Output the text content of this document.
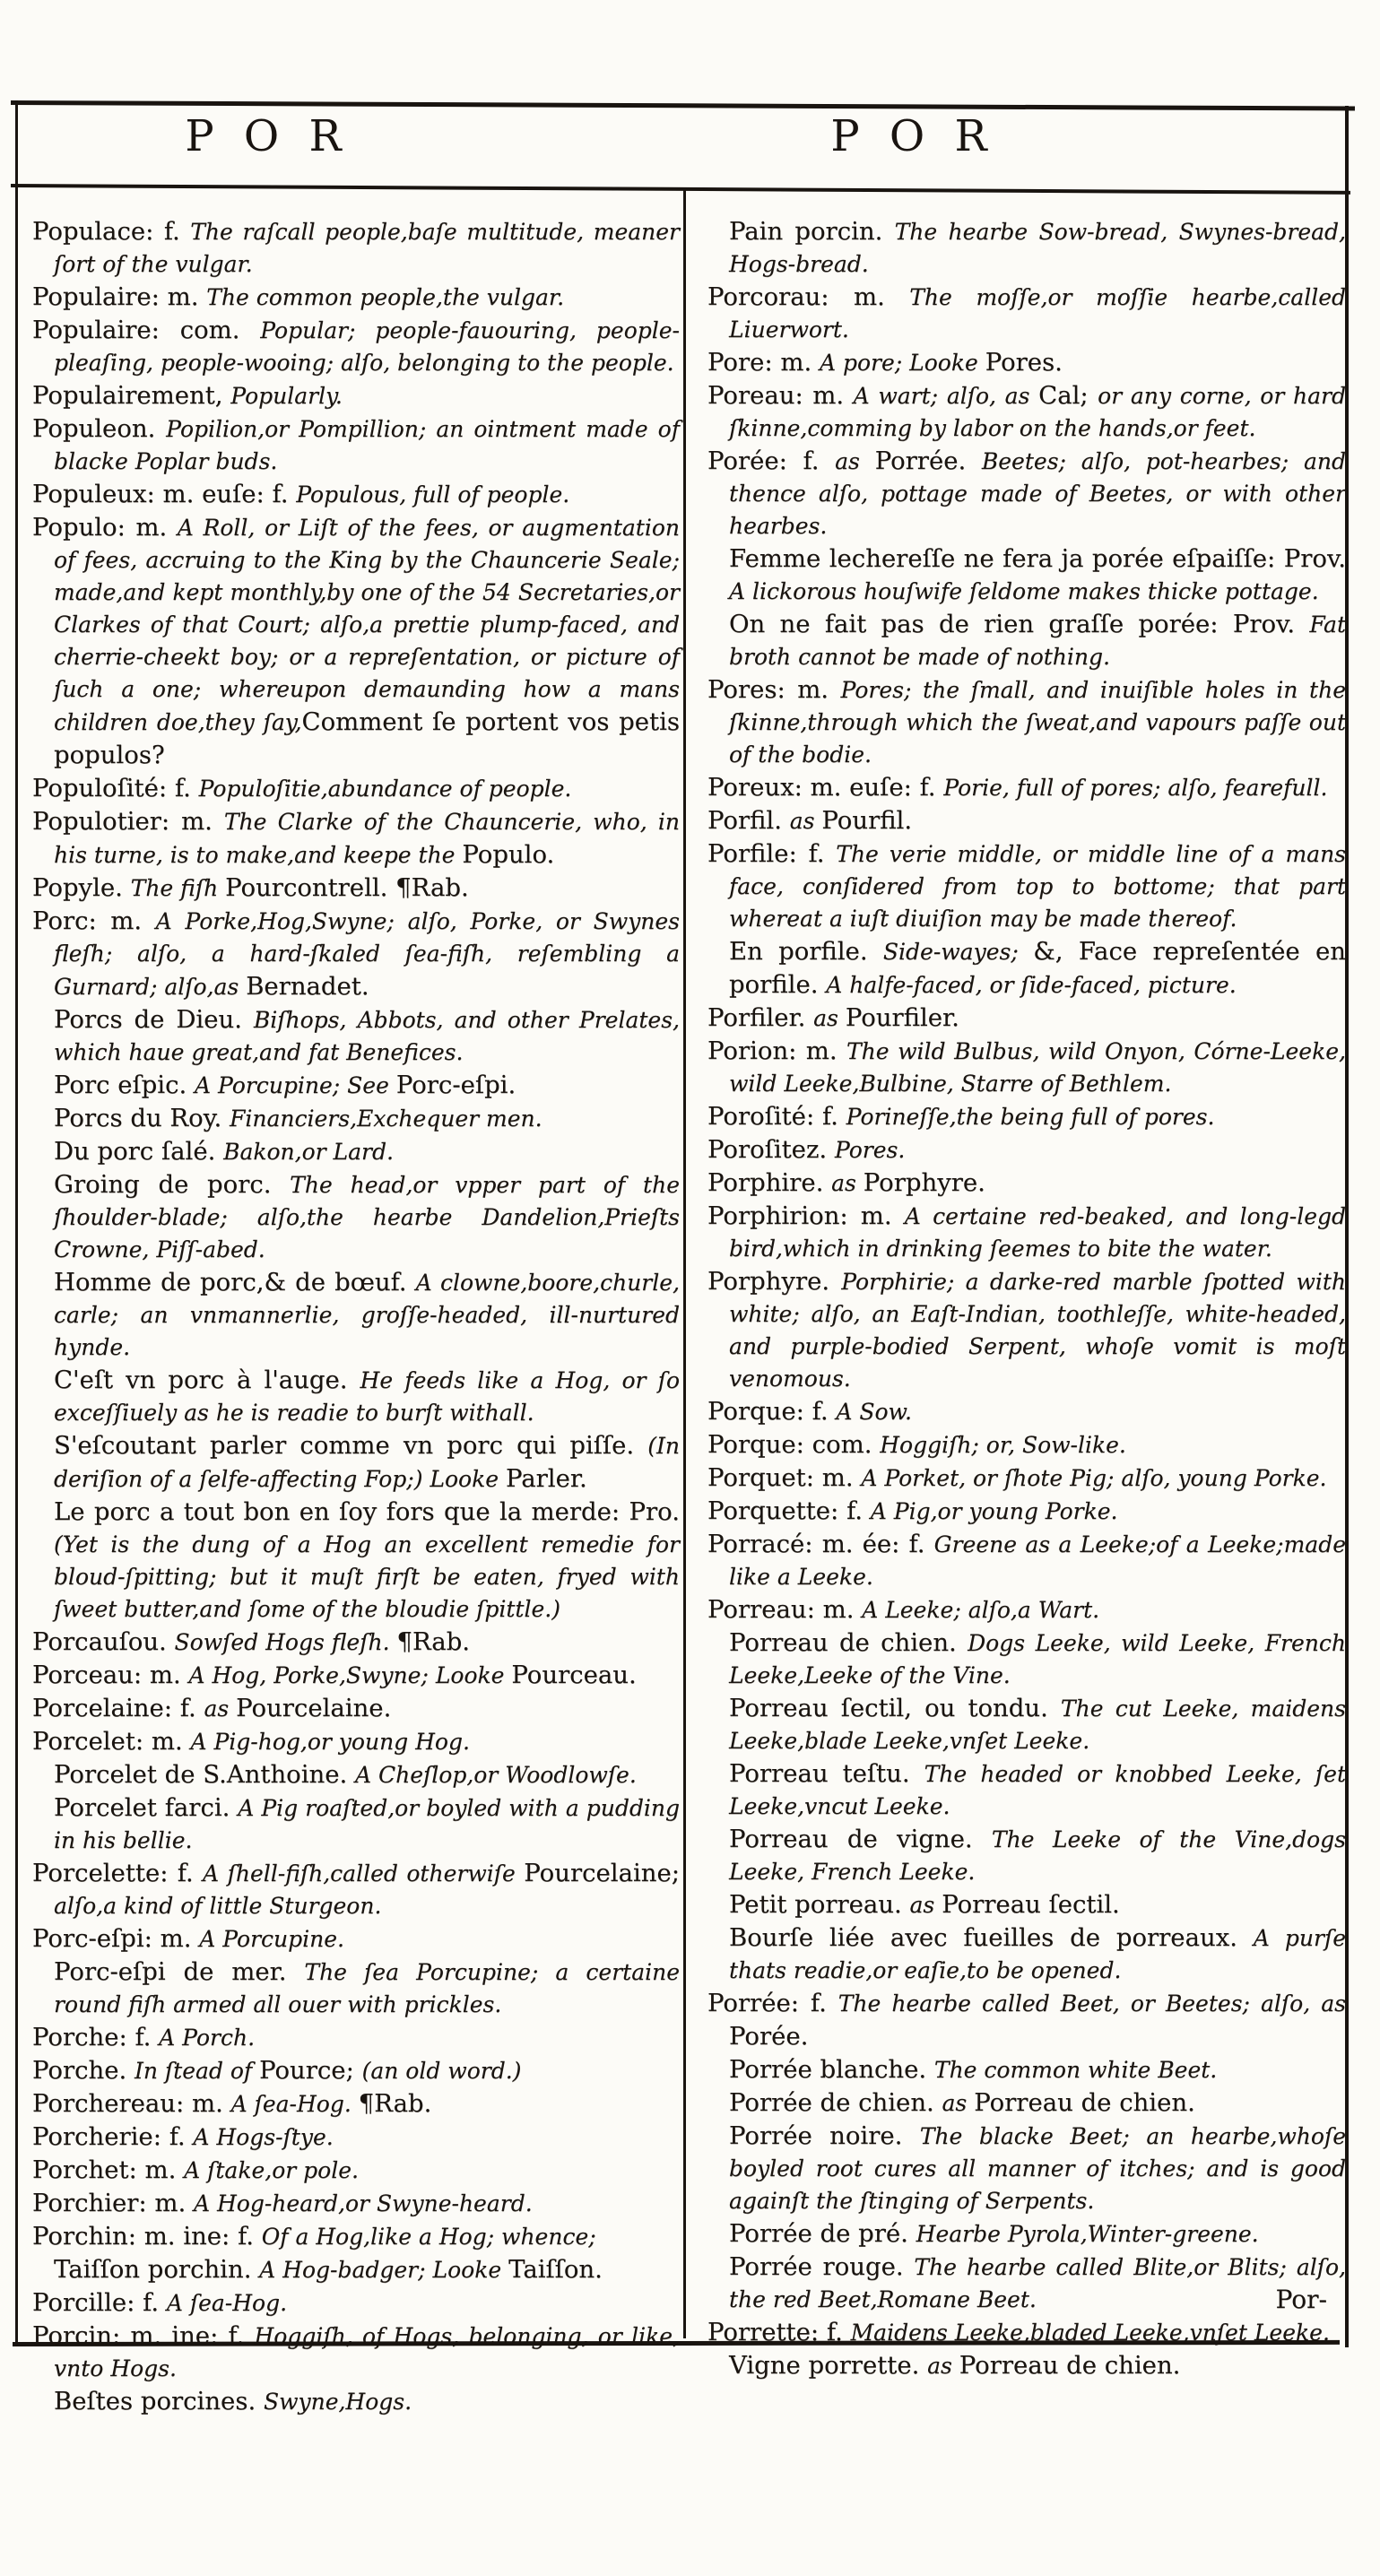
P O R	P O R
Populace: f. The raſcall people,baſe multitude, meaner ſort of the vulgar.
Populaire: m. The common people,the vulgar.
Populaire: com. Popular; people-fauouring, people-pleaſing, people-wooing; alſo, belonging to the people.
Populairement, Popularly.
Populeon. Popilion,or Pompillion; an ointment made of blacke Poplar buds.
Populeux: m. euſe: f. Populous, full of people.
Populo: m. A Roll, or Liſt of the fees, or augmentation of fees, accruing to the King by the Chauncerie Seale; made,and kept monthly,by one of the 54 Secretaries,or Clarkes of that Court; alſo,a prettie plump-faced, and cherrie-cheekt boy; or a repreſentation, or picture of ſuch a one; whereupon demaunding how a mans children doe,they ſay,Comment ſe portent vos petis populos?
Populoſité: f. Populoſitie,abundance of people.
Populotier: m. The Clarke of the Chauncerie, who, in his turne, is to make,and keepe the Populo.
Popyle. The fiſh Pourcontrell. ¶Rab.
Porc: m. A Porke,Hog,Swyne; alſo, Porke, or Swynes fleſh; alſo, a hard-ſkaled ſea-fiſh, reſembling a Gurnard; alſo,as Bernadet.
Porcs de Dieu. Biſhops, Abbots, and other Prelates, which haue great,and fat Benefices.
Porc eſpic. A Porcupine; See Porc-eſpi.
Porcs du Roy. Financiers,Exchequer men.
Du porc ſalé. Bakon,or Lard.
Groing de porc. The head,or vpper part of the ſhoulder-blade; alſo,the hearbe Dandelion,Prieſts Crowne, Piſſ-abed.
Homme de porc,& de bœuf. A clowne,boore,churle, carle; an vnmannerlie, groſſe-headed, ill-nurtured hynde.
C'eſt vn porc à l'auge. He feeds like a Hog, or ſo exceſſiuely as he is readie to burſt withall.
S'eſcoutant parler comme vn porc qui piſſe. (In deriſion of a ſelfe-affecting Fop;) Looke Parler.
Le porc a tout bon en ſoy fors que la merde: Pro. (Yet is the dung of a Hog an excellent remedie for bloud-ſpitting; but it muſt firſt be eaten, fryed with ſweet butter,and ſome of the bloudie ſpittle.)
Porcauſou. Sowſed Hogs fleſh. ¶Rab.
Porceau: m. A Hog, Porke,Swyne; Looke Pourceau.
Porcelaine: f. as Pourcelaine.
Porcelet: m. A Pig-hog,or young Hog.
Porcelet de S.Anthoine. A Cheſlop,or Woodlowſe.
Porcelet farci. A Pig roaſted,or boyled with a pudding in his bellie.
Porcelette: f. A ſhell-fiſh,called otherwiſe Pourcelaine; alſo,a kind of little Sturgeon.
Porc-eſpi: m. A Porcupine.
Porc-eſpi de mer. The ſea Porcupine; a certaine round fiſh armed all ouer with prickles.
Porche: f. A Porch.
Porche. In ſtead of Pource; (an old word.)
Porchereau: m. A ſea-Hog. ¶Rab.
Porcherie: f. A Hogs-ſtye.
Porchet: m. A ſtake,or pole.
Porchier: m. A Hog-heard,or Swyne-heard.
Porchin: m. ine: f. Of a Hog,like a Hog; whence;
Taiſſon porchin. A Hog-badger; Looke Taiſſon.
Porcille: f. A ſea-Hog.
Porcin: m. ine: f. Hoggiſh, of Hogs, belonging, or like, vnto Hogs.
Beſtes porcines. Swyne,Hogs.
Pain porcin. The hearbe Sow-bread, Swynes-bread, Hogs-bread.
Porcorau: m. The moſſe,or moſſie hearbe,called Liuerwort.
Pore: m. A pore; Looke Pores.
Poreau: m. A wart; alſo, as Cal; or any corne, or hard ſkinne,comming by labor on the hands,or feet.
Porée: f. as Porrée. Beetes; alſo, pot-hearbes; and thence alſo, pottage made of Beetes, or with other hearbes.
Femme lechereſſe ne fera ja porée eſpaiſſe: Prov. A lickorous houſwife ſeldome makes thicke pottage.
On ne fait pas de rien graſſe porée: Prov. Fat broth cannot be made of nothing.
Pores: m. Pores; the ſmall, and inuiſible holes in the ſkinne,through which the ſweat,and vapours paſſe out of the bodie.
Poreux: m. euſe: f. Porie, full of pores; alſo, fearefull.
Porfil. as Pourfil.
Porfile: f. The verie middle, or middle line of a mans face, conſidered from top to bottome; that part whereat a iuſt diuiſion may be made thereof.
En porfile. Side-wayes; &, Face repreſentée en porfile. A halfe-faced, or ſide-faced, picture.
Porfiler. as Pourfiler.
Porion: m. The wild Bulbus, wild Onyon, Córne-Leeke, wild Leeke,Bulbine, Starre of Bethlem.
Poroſité: f. Porineſſe,the being full of pores.
Poroſitez. Pores.
Porphire. as Porphyre.
Porphirion: m. A certaine red-beaked, and long-legd bird,which in drinking ſeemes to bite the water.
Porphyre. Porphirie; a darke-red marble ſpotted with white; alſo, an Eaſt-Indian, toothleſſe, white-headed, and purple-bodied Serpent, whoſe vomit is moſt venomous.
Porque: f. A Sow.
Porque: com. Hoggiſh; or, Sow-like.
Porquet: m. A Porket, or ſhote Pig; alſo, young Porke.
Porquette: f. A Pig,or young Porke.
Porracé: m. ée: f. Greene as a Leeke;of a Leeke;made like a Leeke.
Porreau: m. A Leeke; alſo,a Wart.
Porreau de chien. Dogs Leeke, wild Leeke, French Leeke,Leeke of the Vine.
Porreau ſectil, ou tondu. The cut Leeke, maidens Leeke,blade Leeke,vnſet Leeke.
Porreau teſtu. The headed or knobbed Leeke, ſet Leeke,vncut Leeke.
Porreau de vigne. The Leeke of the Vine,dogs Leeke, French Leeke.
Petit porreau. as Porreau ſectil.
Bourſe liée avec fueilles de porreaux. A purſe thats readie,or eaſie,to be opened.
Porrée: f. The hearbe called Beet, or Beetes; alſo, as Porée.
Porrée blanche. The common white Beet.
Porrée de chien. as Porreau de chien.
Porrée noire. The blacke Beet; an hearbe,whoſe boyled root cures all manner of itches; and is good againſt the ſtinging of Serpents.
Porrée de pré. Hearbe Pyrola,Winter-greene.
Porrée rouge. The hearbe called Blite,or Blits; alſo, the red Beet,Romane Beet.
Porrette: f. Maidens Leeke,bladed Leeke,vnſet Leeke.
Vigne porrette. as Porreau de chien.
Por-
